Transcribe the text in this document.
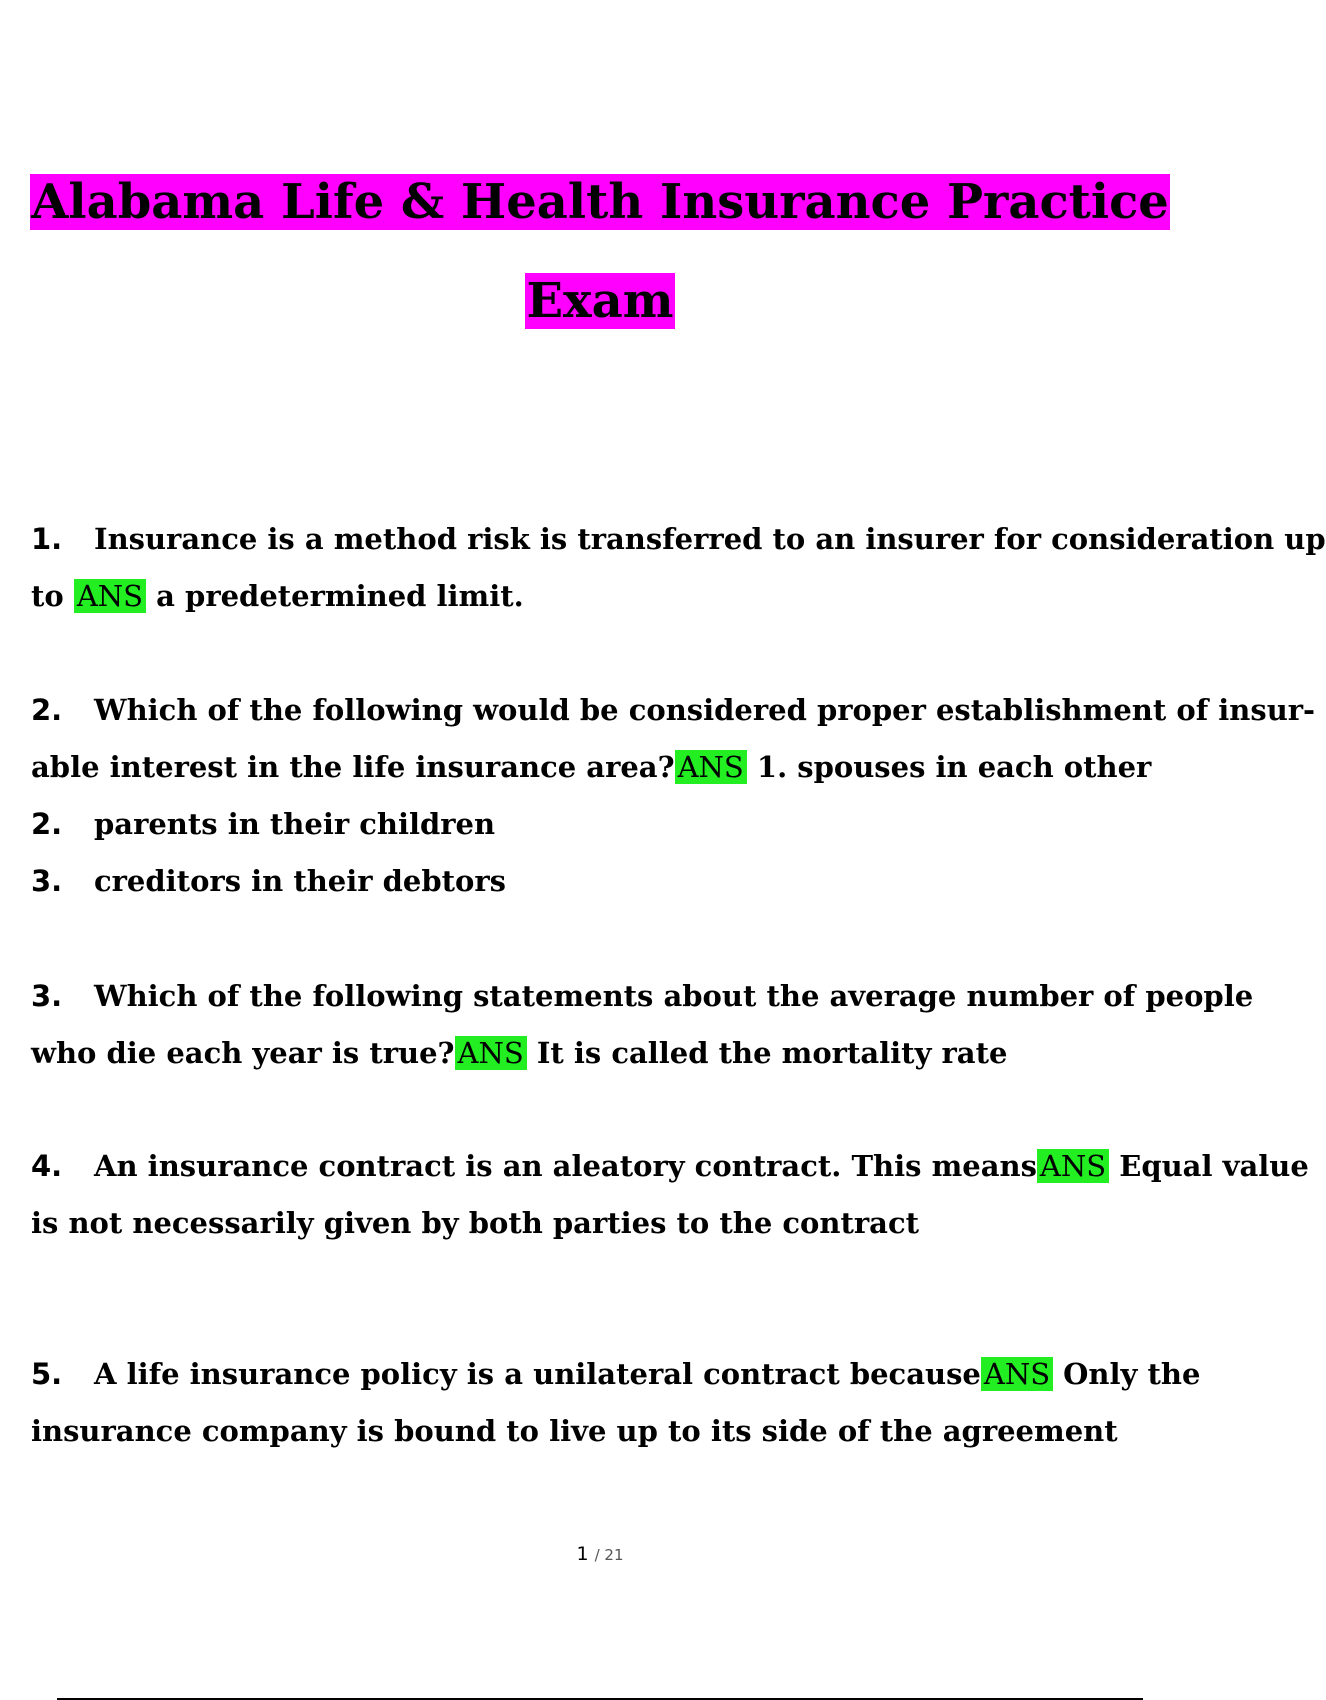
Alabama Life & Health Insurance Practice
Exam
1. Insurance is a method risk is transferred to an insurer for consideration up
to ANS a predetermined limit.
2. Which of the following would be considered proper establishment of insur-
able interest in the life insurance area? ANS 1. spouses in each other
2. parents in their children
3. creditors in their debtors
3. Which of the following statements about the average number of people
who die each year is true? ANS It is called the mortality rate
4. An insurance contract is an aleatory contract. This means ANS Equal value
is not necessarily given by both parties to the contract
5. A life insurance policy is a unilateral contract because ANS Only the
insurance company is bound to live up to its side of the agreement
1 / 21
